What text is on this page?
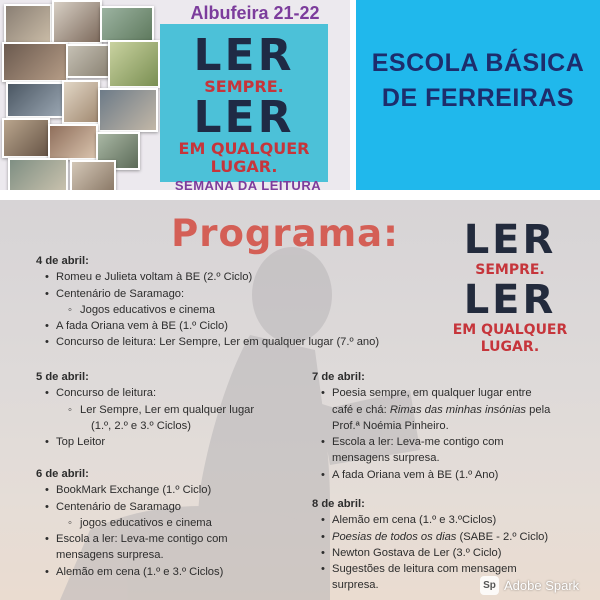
Albufeira 21-22
LER
SEMPRE.
LER
EM QUALQUER
LUGAR.
SEMANA DA LEITURA
ESCOLA BÁSICA
DE FERREIRAS
Programa:	LER
SEMPRE.
LER
EM QUALQUER
LUGAR.
4 de abril:
• Romeu e Julieta voltam à BE (2.º Ciclo)
• Centenário de Saramago:
◦ Jogos educativos e cinema
• A fada Oriana vem à BE (1.º Ciclo)
• Concurso de leitura: Ler Sempre, Ler em qualquer lugar (7.º ano)
5 de abril:
• Concurso de leitura:
◦ Ler Sempre, Ler em qualquer lugar
(1.º, 2.º e 3.º Ciclos)
• Top Leitor
6 de abril:
• BookMark Exchange (1.º Ciclo)
• Centenário de Saramago
◦ jogos educativos e cinema
• Escola a ler: Leva-me contigo com
mensagens surpresa.
• Alemão em cena (1.º e 3.º Ciclos)
7 de abril:
• Poesia sempre, em qualquer lugar entre
café e chá: Rimas das minhas insónias pela
Prof.ª Noémia Pinheiro.
• Escola a ler: Leva-me contigo com
mensagens surpresa.
• A fada Oriana vem à BE (1.º Ano)
8 de abril:
• Alemão em cena (1.º e 3.ºCiclos)
• Poesias de todos os dias (SABE - 2.º Ciclo)
• Newton Gostava de Ler (3.º Ciclo)
• Sugestões de leitura com mensagem
surpresa.	Sp Adobe Spark
